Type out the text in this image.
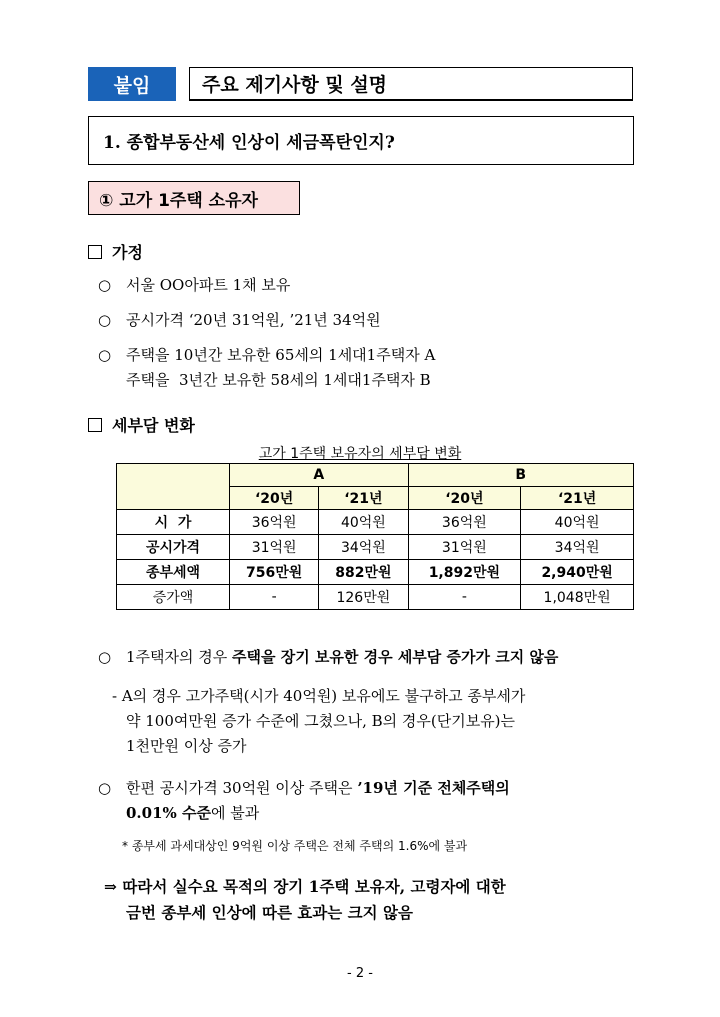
붙임	주요 제기사항 및 설명
1. 종합부동산세 인상이 세금폭탄인지?
① 고가 1주택 소유자
가정
○ 서울 OO아파트 1채 보유
○ 공시가격 ‘20년 31억원, ’21년 34억원
○ 주택을 10년간 보유한 65세의 1세대1주택자 A
주택을  3년간 보유한 58세의 1세대1주택자 B
세부담 변화
고가 1주택 보유자의 세부담 변화
	A		B	
	‘20년	‘21년	‘20년	‘21년
시  가	36억원	40억원	36억원	40억원
공시가격	31억원	34억원	31억원	34억원
종부세액	756만원	882만원	1,892만원	2,940만원
증가액	-	126만원	-	1,048만원
○ 1주택자의 경우 주택을 장기 보유한 경우 세부담 증가가 크지 않음
- A의 경우 고가주택(시가 40억원) 보유에도 불구하고 종부세가
약 100여만원 증가 수준에 그쳤으나, B의 경우(단기보유)는
1천만원 이상 증가
○ 한편 공시가격 30억원 이상 주택은 ’19년 기준 전체주택의
0.01% 수준에 불과
* 종부세 과세대상인 9억원 이상 주택은 전체 주택의 1.6%에 불과
⇒ 따라서 실수요 목적의 장기 1주택 보유자, 고령자에 대한
금번 종부세 인상에 따른 효과는 크지 않음
- 2 -
